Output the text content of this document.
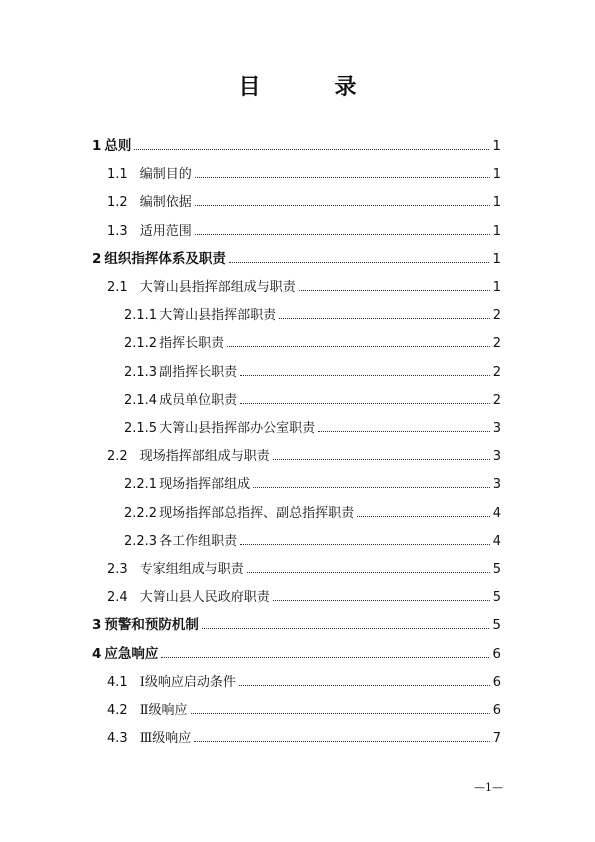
目　录
1 总则	1
1.1 编制目的	1
1.2 编制依据	1
1.3 适用范围	1
2 组织指挥体系及职责	1
2.1 大箐山县指挥部组成与职责	1
2.1.1 大箐山县指挥部职责	2
2.1.2 指挥长职责	2
2.1.3 副指挥长职责	2
2.1.4 成员单位职责	2
2.1.5 大箐山县指挥部办公室职责	3
2.2 现场指挥部组成与职责	3
2.2.1 现场指挥部组成	3
2.2.2 现场指挥部总指挥、副总指挥职责	4
2.2.3 各工作组职责	4
2.3 专家组组成与职责	5
2.4 大箐山县人民政府职责	5
3 预警和预防机制	5
4 应急响应	6
4.1 Ⅰ级响应启动条件	6
4.2 Ⅱ级响应	6
4.3 Ⅲ级响应	7
—1—
